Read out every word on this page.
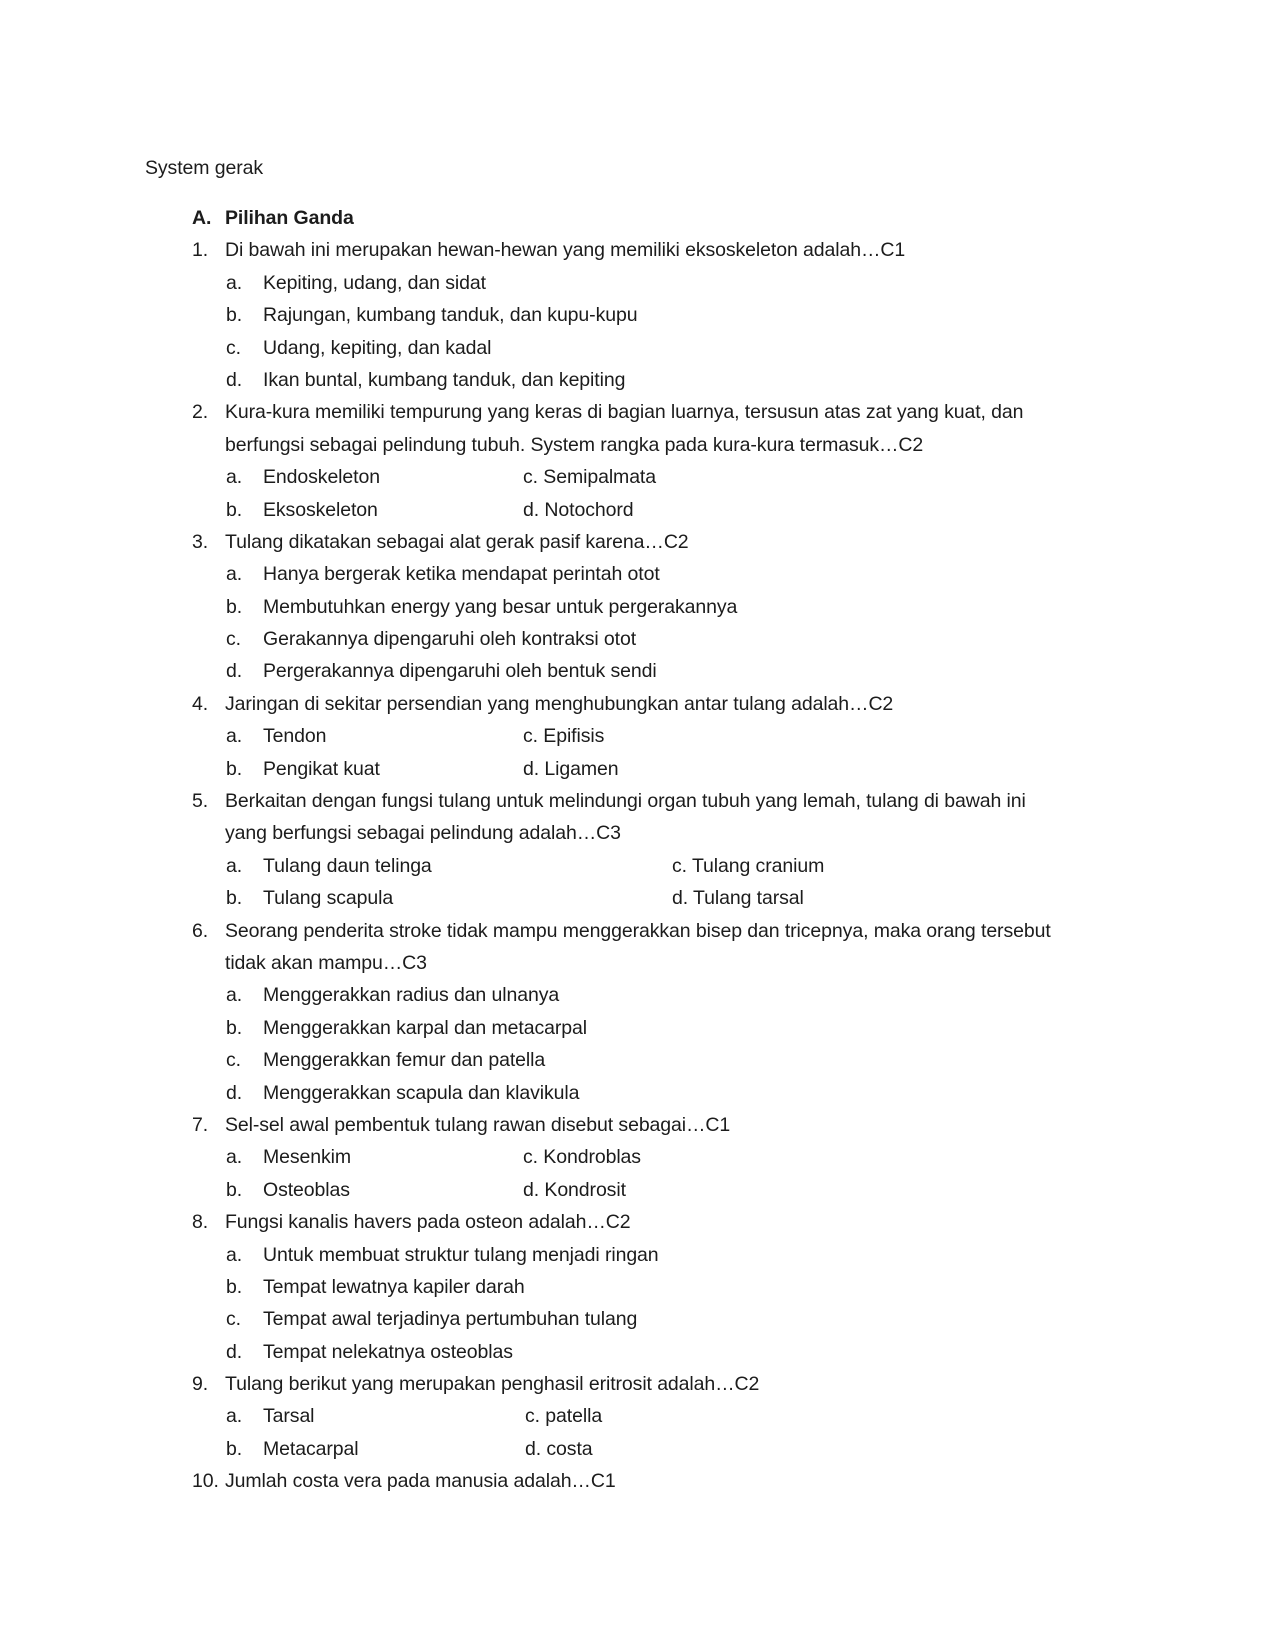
System gerak
A. Pilihan Ganda
1. Di bawah ini merupakan hewan-hewan yang memiliki eksoskeleton adalah…C1
a. Kepiting, udang, dan sidat
b. Rajungan, kumbang tanduk, dan kupu-kupu
c. Udang, kepiting, dan kadal
d. Ikan buntal, kumbang tanduk, dan kepiting
2. Kura-kura memiliki tempurung yang keras di bagian luarnya, tersusun atas zat yang kuat, dan
berfungsi sebagai pelindung tubuh. System rangka pada kura-kura termasuk…C2
a. Endoskeleton	c. Semipalmata
b. Eksoskeleton	d. Notochord
3. Tulang dikatakan sebagai alat gerak pasif karena…C2
a. Hanya bergerak ketika mendapat perintah otot
b. Membutuhkan energy yang besar untuk pergerakannya
c. Gerakannya dipengaruhi oleh kontraksi otot
d. Pergerakannya dipengaruhi oleh bentuk sendi
4. Jaringan di sekitar persendian yang menghubungkan antar tulang adalah…C2
a. Tendon	c. Epifisis
b. Pengikat kuat	d. Ligamen
5. Berkaitan dengan fungsi tulang untuk melindungi organ tubuh yang lemah, tulang di bawah ini
yang berfungsi sebagai pelindung adalah…C3
a. Tulang daun telinga	c. Tulang cranium
b. Tulang scapula	d. Tulang tarsal
6. Seorang penderita stroke tidak mampu menggerakkan bisep dan tricepnya, maka orang tersebut
tidak akan mampu…C3
a. Menggerakkan radius dan ulnanya
b. Menggerakkan karpal dan metacarpal
c. Menggerakkan femur dan patella
d. Menggerakkan scapula dan klavikula
7. Sel-sel awal pembentuk tulang rawan disebut sebagai…C1
a. Mesenkim	c. Kondroblas
b. Osteoblas	d. Kondrosit
8. Fungsi kanalis havers pada osteon adalah…C2
a. Untuk membuat struktur tulang menjadi ringan
b. Tempat lewatnya kapiler darah
c. Tempat awal terjadinya pertumbuhan tulang
d. Tempat nelekatnya osteoblas
9. Tulang berikut yang merupakan penghasil eritrosit adalah…C2
a. Tarsal	c. patella
b. Metacarpal	d. costa
10. Jumlah costa vera pada manusia adalah…C1
